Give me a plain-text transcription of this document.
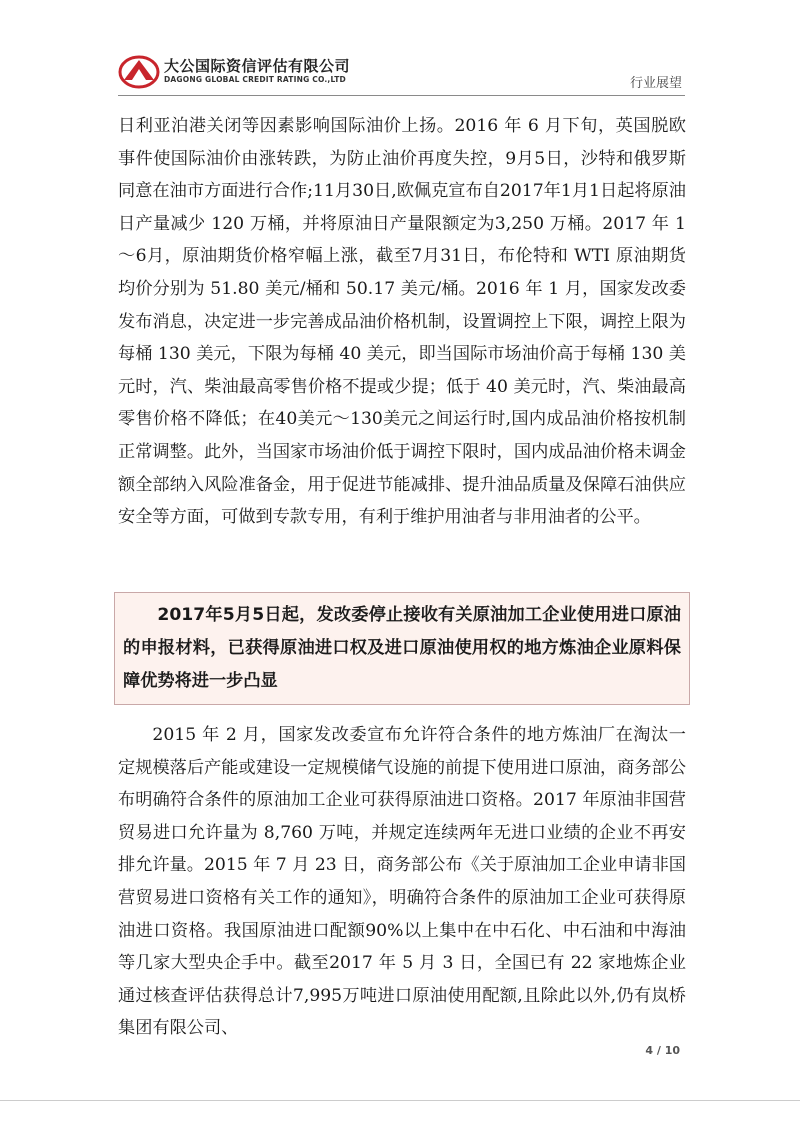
大公国际资信评估有限公司
DAGONG GLOBAL CREDIT RATING CO.,LTD	行业展望

日利亚泊港关闭等因素影响国际油价上扬。2016 年 6 月下旬，英国脱欧事件使国际油价由涨转跌，为防止油价再度失控，9月5日，沙特和俄罗斯同意在油市方面进行合作;11月30日,欧佩克宣布自2017年1月1日起将原油日产量减少 120 万桶，并将原油日产量限额定为3,250 万桶。2017 年 1～6月，原油期货价格窄幅上涨，截至7月31日，布伦特和 WTI 原油期货均价分别为 51.80 美元/桶和 50.17 美元/桶。2016 年 1 月，国家发改委发布消息，决定进一步完善成品油价格机制，设置调控上下限，调控上限为每桶 130 美元，下限为每桶 40 美元，即当国际市场油价高于每桶 130 美元时，汽、柴油最高零售价格不提或少提；低于 40 美元时，汽、柴油最高零售价格不降低；在40美元～130美元之间运行时,国内成品油价格按机制正常调整。此外，当国家市场油价低于调控下限时，国内成品油价格未调金额全部纳入风险准备金，用于促进节能减排、提升油品质量及保障石油供应安全等方面，可做到专款专用，有利于维护用油者与非用油者的公平。

2017年5月5日起，发改委停止接收有关原油加工企业使用进口原油的申报材料，已获得原油进口权及进口原油使用权的地方炼油企业原料保障优势将进一步凸显

2015 年 2 月，国家发改委宣布允许符合条件的地方炼油厂在淘汰一定规模落后产能或建设一定规模储气设施的前提下使用进口原油，商务部公布明确符合条件的原油加工企业可获得原油进口资格。2017 年原油非国营贸易进口允许量为 8,760 万吨，并规定连续两年无进口业绩的企业不再安排允许量。2015 年 7 月 23 日，商务部公布《关于原油加工企业申请非国营贸易进口资格有关工作的通知》，明确符合条件的原油加工企业可获得原油进口资格。我国原油进口配额90%以上集中在中石化、中石油和中海油等几家大型央企手中。截至2017 年 5 月 3 日，全国已有 22 家地炼企业通过核查评估获得总计7,995万吨进口原油使用配额,且除此以外,仍有岚桥集团有限公司、

4 / 10
